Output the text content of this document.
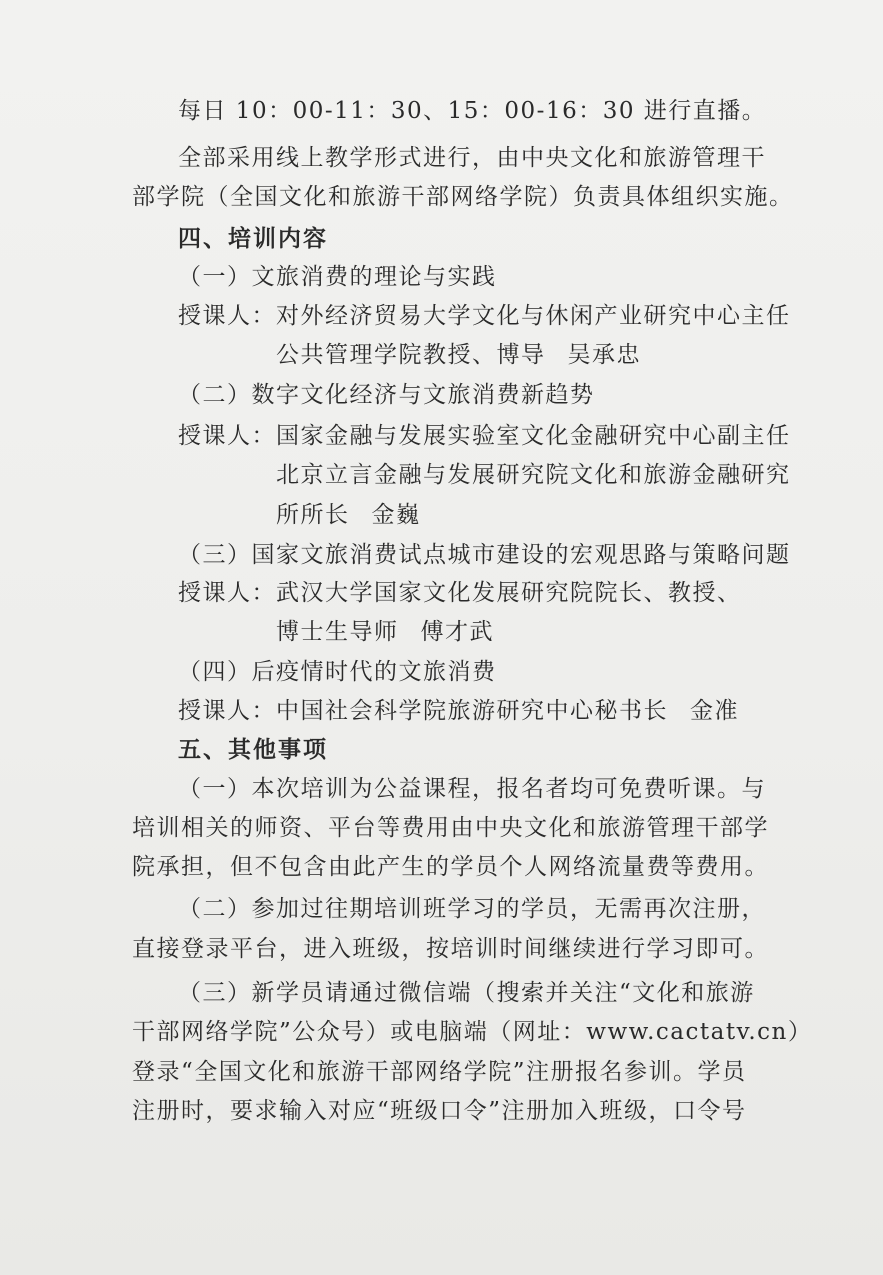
每日 10：00-11：30、15：00-16：30 进行直播。
全部采用线上教学形式进行，由中央文化和旅游管理干
部学院（全国文化和旅游干部网络学院）负责具体组织实施。
四、培训内容
（一）文旅消费的理论与实践
授课人：对外经济贸易大学文化与休闲产业研究中心主任
公共管理学院教授、博导 吴承忠
（二）数字文化经济与文旅消费新趋势
授课人：国家金融与发展实验室文化金融研究中心副主任
北京立言金融与发展研究院文化和旅游金融研究
所所长 金巍
（三）国家文旅消费试点城市建设的宏观思路与策略问题
授课人：武汉大学国家文化发展研究院院长、教授、
博士生导师 傅才武
（四）后疫情时代的文旅消费
授课人：中国社会科学院旅游研究中心秘书长 金准
五、其他事项
（一）本次培训为公益课程，报名者均可免费听课。与
培训相关的师资、平台等费用由中央文化和旅游管理干部学
院承担，但不包含由此产生的学员个人网络流量费等费用。
（二）参加过往期培训班学习的学员，无需再次注册，
直接登录平台，进入班级，按培训时间继续进行学习即可。
（三）新学员请通过微信端（搜索并关注“文化和旅游
干部网络学院”公众号）或电脑端（网址：www.cactatv.cn）
登录“全国文化和旅游干部网络学院”注册报名参训。学员
注册时，要求输入对应“班级口令”注册加入班级，口令号
